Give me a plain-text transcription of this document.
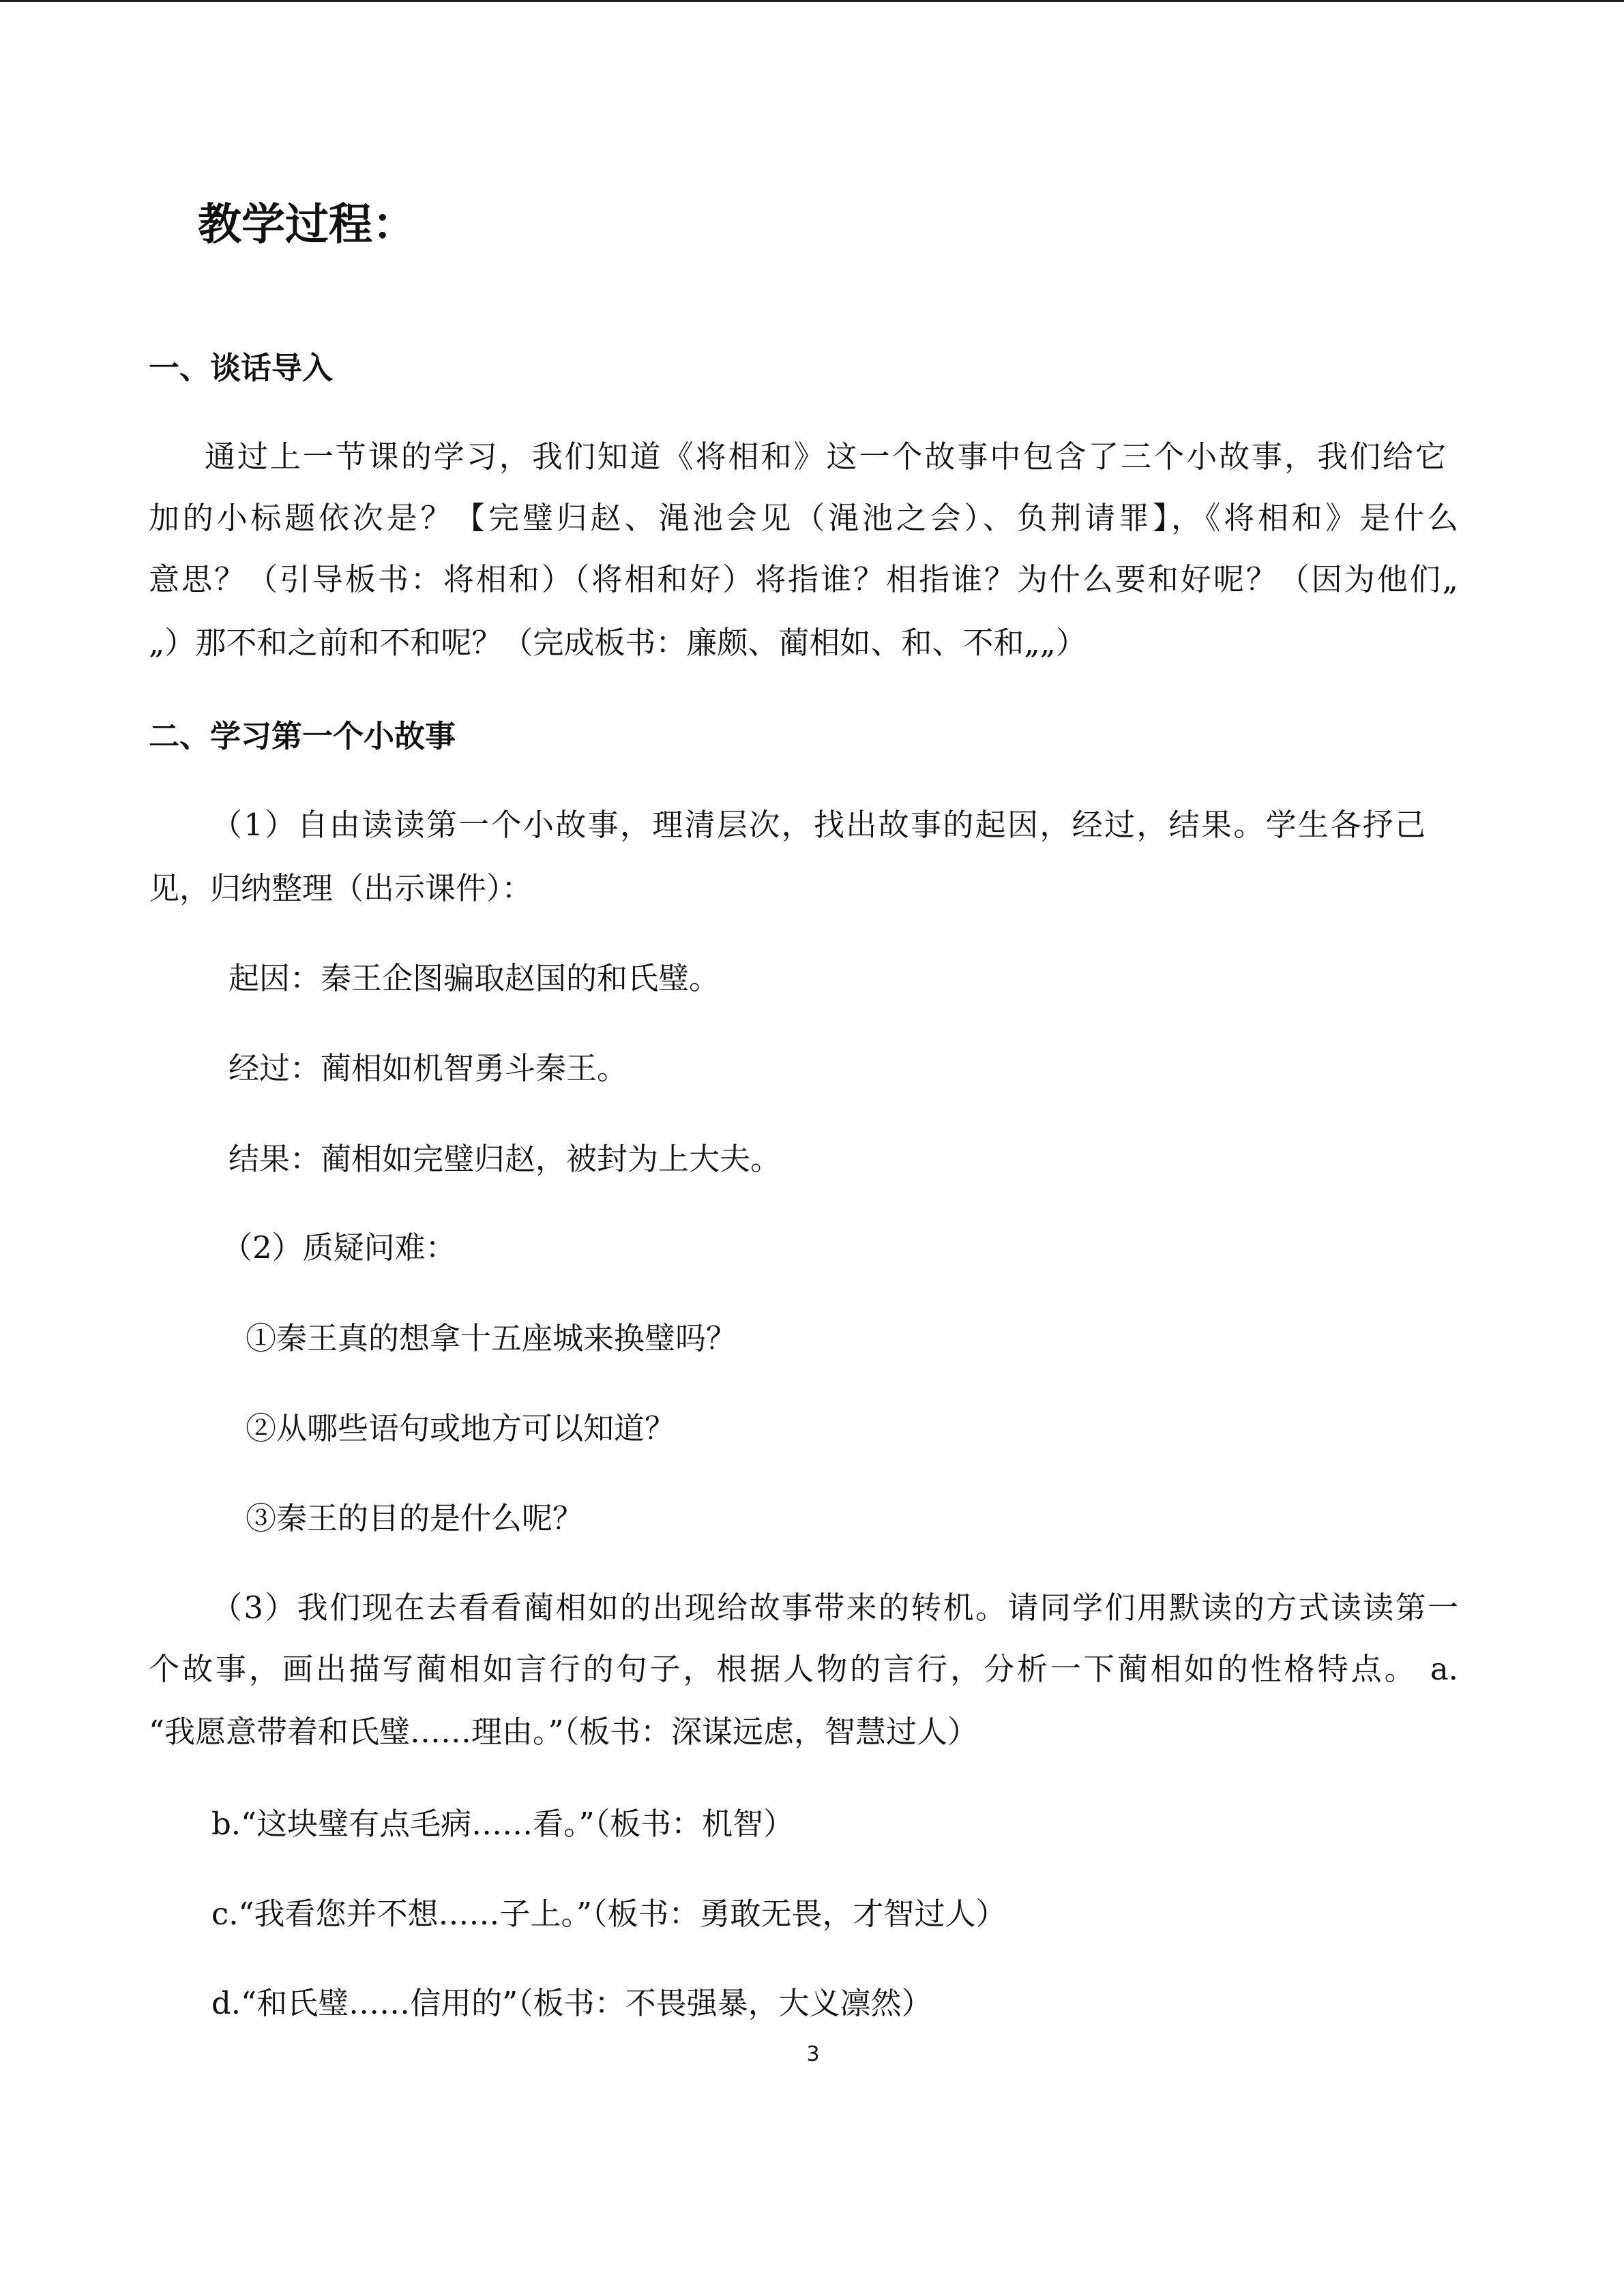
教学过程：
一、谈话导入
通过上一节课的学习，我们知道《将相和》这一个故事中包含了三个小故事，我们给它
加的小标题依次是？【完璧归赵、渑池会见（渑池之会）、负荆请罪】，《将相和》是什么
意思？（引导板书：将相和）（将相和好）将指谁？相指谁？为什么要和好呢？（因为他们„
„）那不和之前和不和呢？（完成板书：廉颇、蔺相如、和、不和„„）
二、学习第一个小故事
（1）自由读读第一个小故事，理清层次，找出故事的起因，经过，结果。学生各抒己
见，归纳整理（出示课件）：
起因：秦王企图骗取赵国的和氏璧。
经过：蔺相如机智勇斗秦王。
结果：蔺相如完璧归赵，被封为上大夫。
（2）质疑问难：
①秦王真的想拿十五座城来换璧吗？
②从哪些语句或地方可以知道？
③秦王的目的是什么呢？
（3）我们现在去看看蔺相如的出现给故事带来的转机。请同学们用默读的方式读读第一
个故事，画出描写蔺相如言行的句子，根据人物的言行，分析一下蔺相如的性格特点。 a.
“我愿意带着和氏璧……理由。”（板书：深谋远虑，智慧过人）
b.“这块璧有点毛病……看。”（板书：机智）
c.“我看您并不想……子上。”（板书：勇敢无畏，才智过人）
d.“和氏璧……信用的”（板书：不畏强暴，大义凛然）
3
